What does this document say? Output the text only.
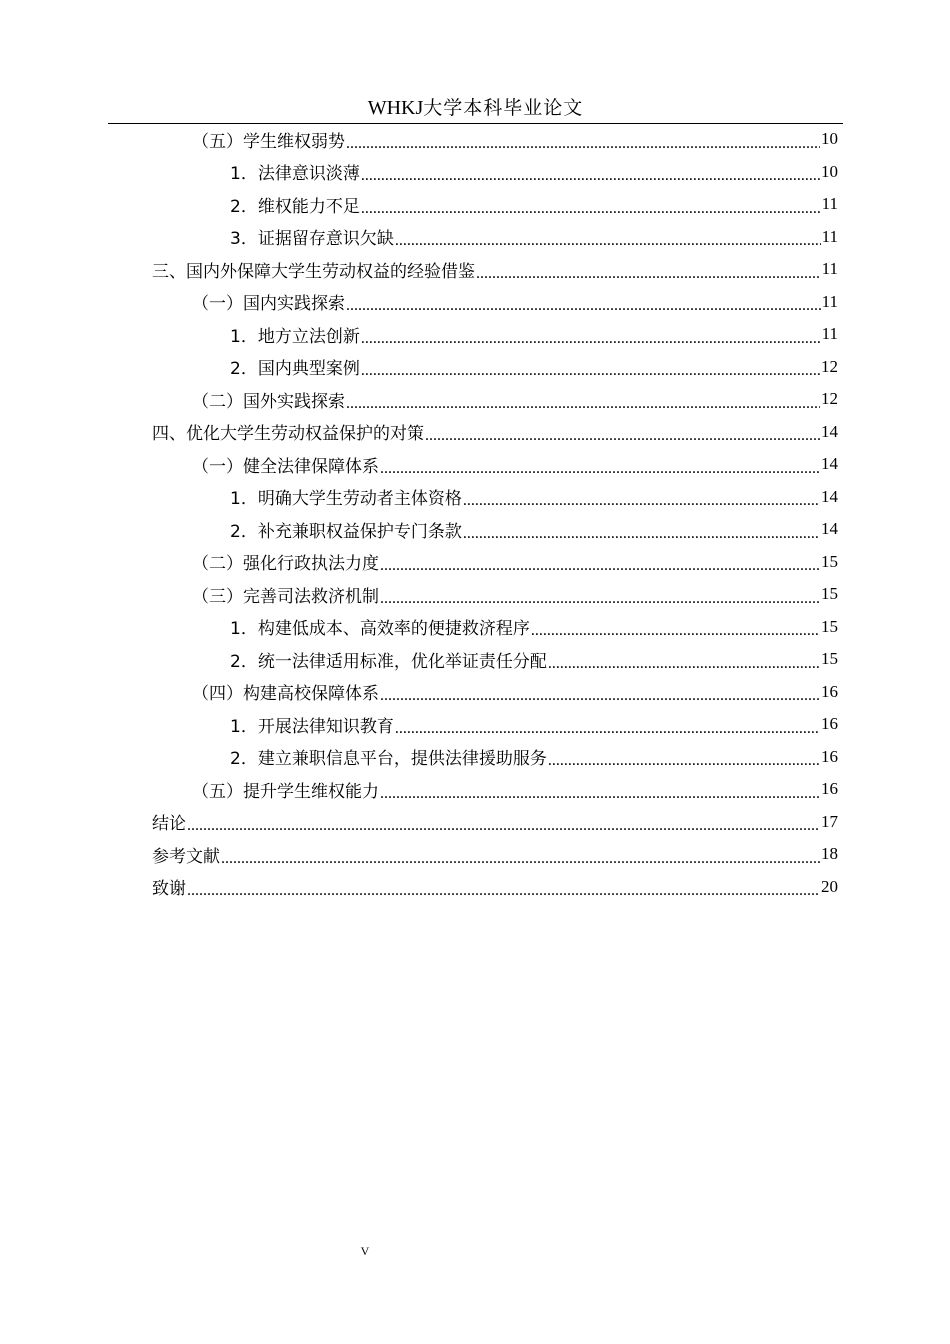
WHKJ大学本科毕业论文
（五）学生维权弱势 .....	10
1．法律意识淡薄 .....	10
2．维权能力不足 .....	11
3．证据留存意识欠缺 .....	11
三、国内外保障大学生劳动权益的经验借鉴 .....	11
（一）国内实践探索 .....	11
1．地方立法创新 .....	11
2．国内典型案例 .....	12
（二）国外实践探索 .....	12
四、优化大学生劳动权益保护的对策 .....	14
（一）健全法律保障体系 .....	14
1．明确大学生劳动者主体资格 .....	14
2．补充兼职权益保护专门条款 .....	14
（二）强化行政执法力度 .....	15
（三）完善司法救济机制 .....	15
1．构建低成本、高效率的便捷救济程序 .....	15
2．统一法律适用标准，优化举证责任分配 .....	15
（四）构建高校保障体系 .....	16
1．开展法律知识教育 .....	16
2．建立兼职信息平台，提供法律援助服务 .....	16
（五）提升学生维权能力 .....	16
结论 .....	17
参考文献 .....	18
致谢 .....	20
V
